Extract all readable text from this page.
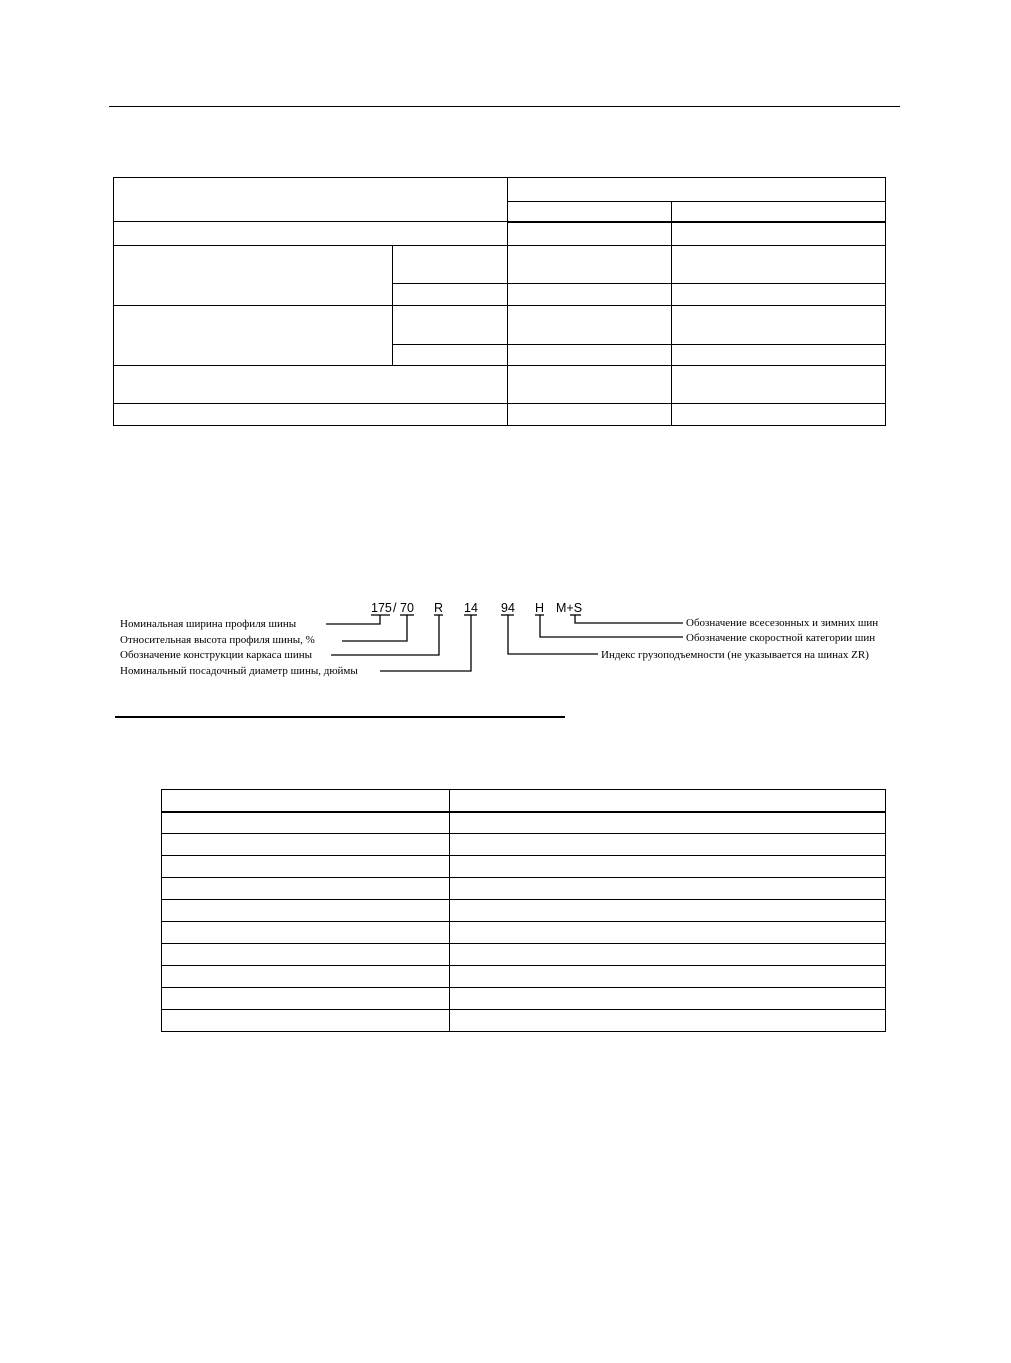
175 / 70 R 14 94 H M+S
Номинальная ширина профиля шины
Относительная высота профиля шины, %
Обозначение конструкции каркаса шины
Номинальный посадочный диаметр шины, дюймы
Обозначение всесезонных и зимних шин
Обозначение скоростной категории шин
Индекс грузоподъемности (не указывается на шинах ZR)
